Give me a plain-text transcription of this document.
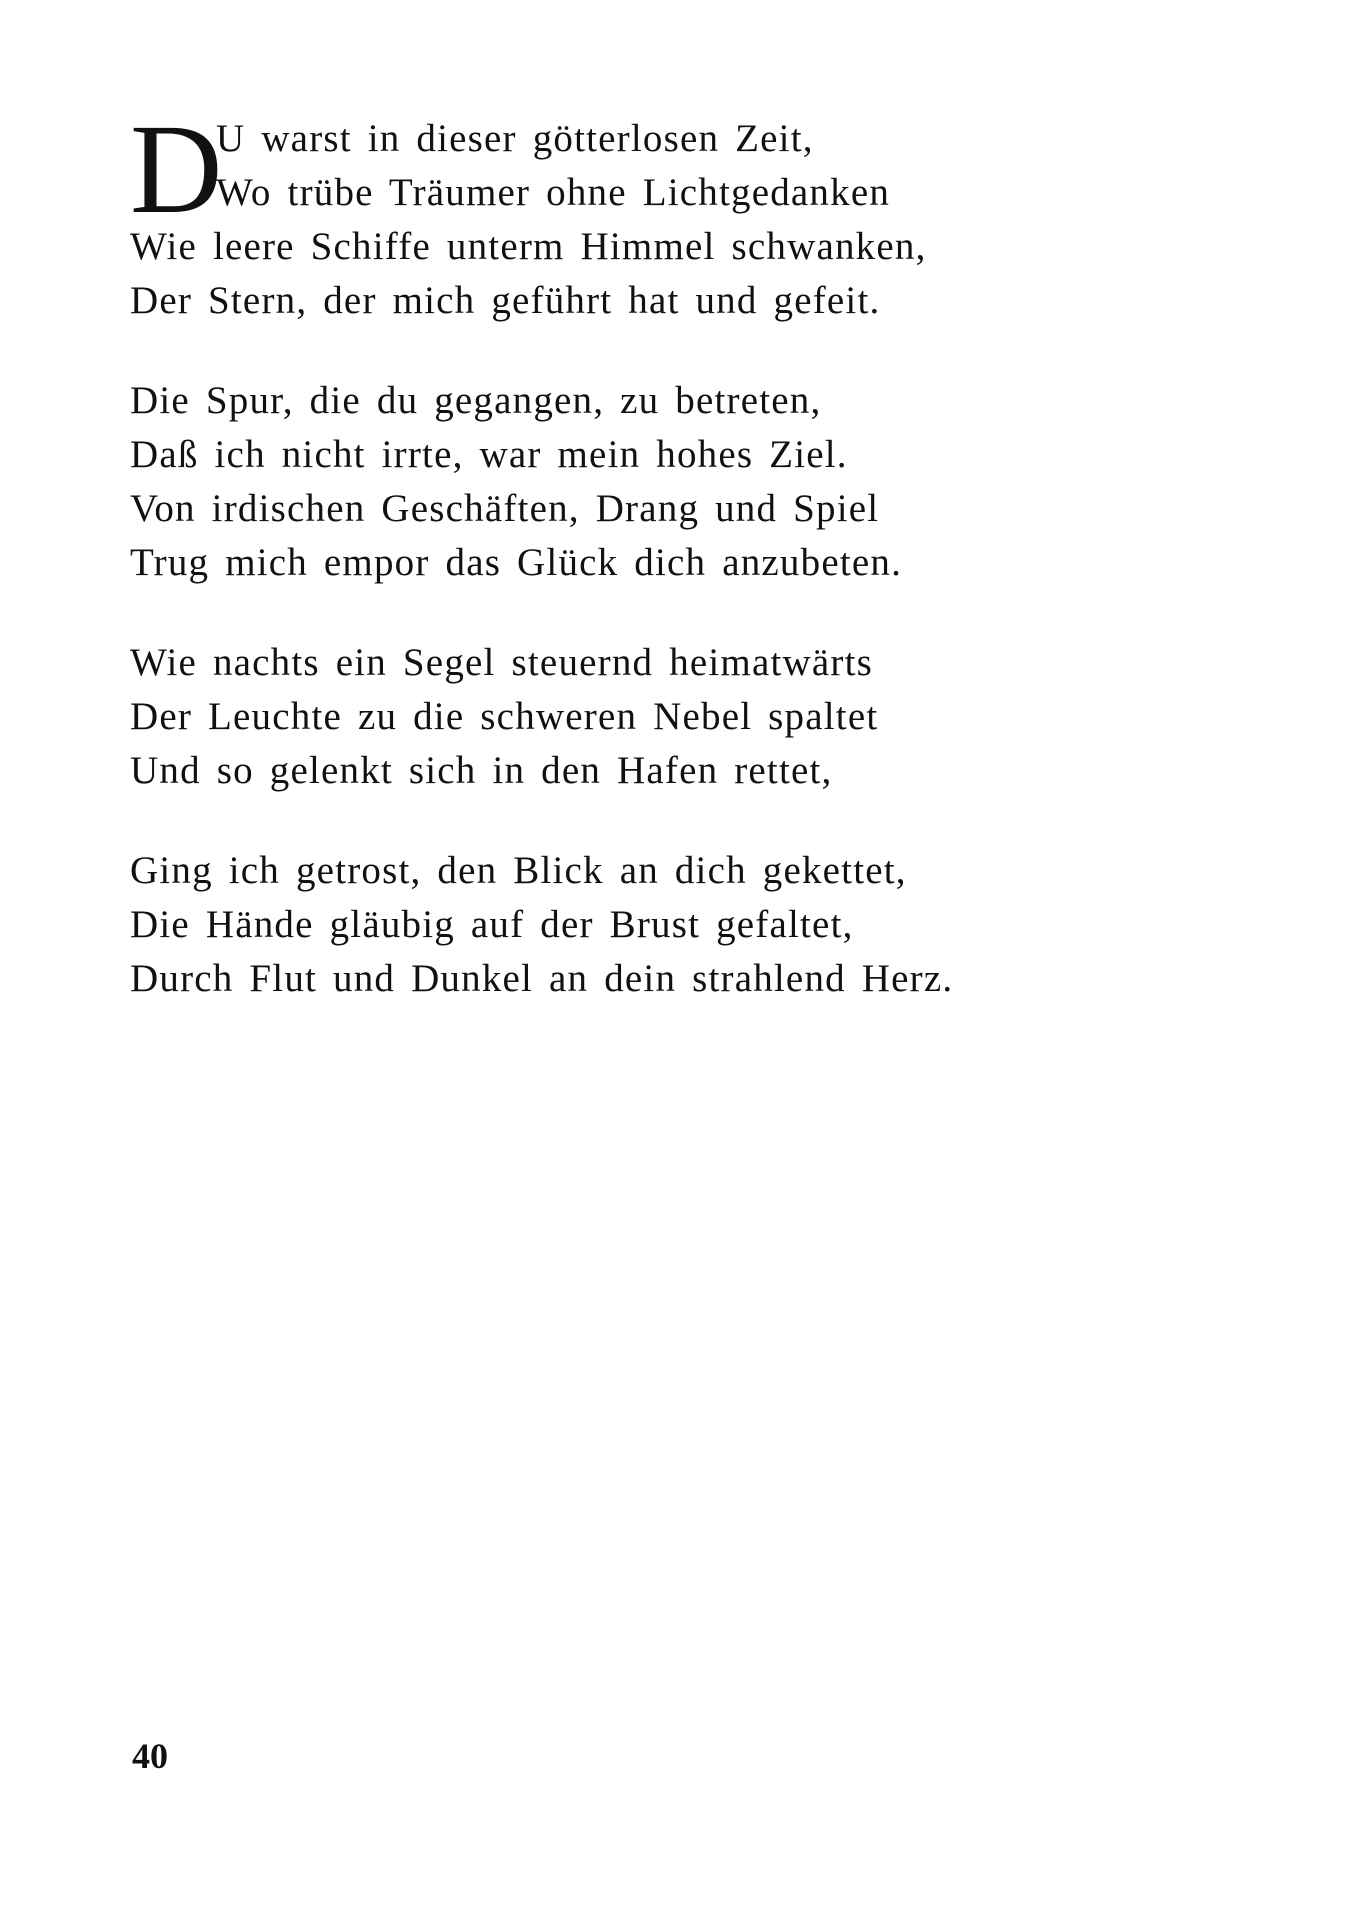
D
U warst in dieser götterlosen Zeit,
Wo trübe Träumer ohne Lichtgedanken
Wie leere Schiffe unterm Himmel schwanken,
Der Stern, der mich geführt hat und gefeit.
Die Spur, die du gegangen, zu betreten,
Daß ich nicht irrte, war mein hohes Ziel.
Von irdischen Geschäften, Drang und Spiel
Trug mich empor das Glück dich anzubeten.
Wie nachts ein Segel steuernd heimatwärts
Der Leuchte zu die schweren Nebel spaltet
Und so gelenkt sich in den Hafen rettet,
Ging ich getrost, den Blick an dich gekettet,
Die Hände gläubig auf der Brust gefaltet,
Durch Flut und Dunkel an dein strahlend Herz.
40
